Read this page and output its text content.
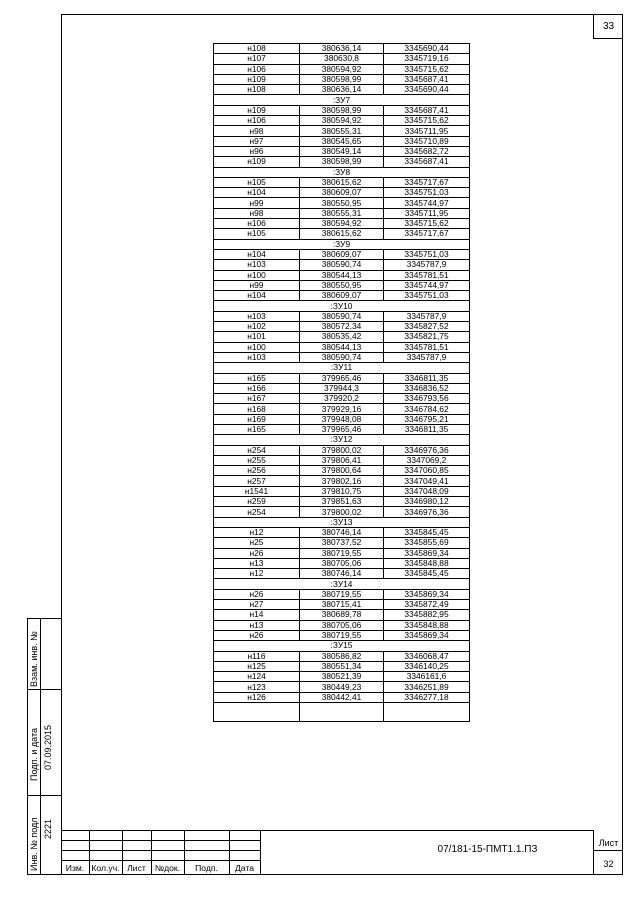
33
н108	380636,14	3345690,44
н107	380630,8	3345719,16
н106	380594,92	3345715,62
н109	380598,99	3345687,41
н108	380636,14	3345690,44
:ЗУ7		
н109	380598,99	3345687,41
н106	380594,92	3345715,62
н98	380555,31	3345711,95
н97	380545,65	3345710,89
н96	380549,14	3345682,72
н109	380598,99	3345687,41
:ЗУ8		
н105	380615,62	3345717,67
н104	380609,07	3345751,03
н99	380550,95	3345744,97
н98	380555,31	3345711,95
н106	380594,92	3345715,62
н105	380615,62	3345717,67
:ЗУ9		
н104	380609,07	3345751,03
н103	380590,74	3345787,9
н100	380544,13	3345781,51
н99	380550,95	3345744,97
н104	380609,07	3345751,03
:ЗУ10		
н103	380590,74	3345787,9
н102	380572,34	3345827,52
н101	380535,42	3345821,75
н100	380544,13	3345781,51
н103	380590,74	3345787,9
:ЗУ11		
н165	379965,46	3346811,35
н166	379944,3	3346836,52
н167	379920,2	3346793,56
н168	379929,16	3346784,62
н169	379948,08	3346795,21
н165	379965,46	3346811,35
:ЗУ12		
н254	379800,02	3346976,36
н255	379806,41	3347069,2
н256	379800,64	3347060,85
н257	379802,16	3347049,41
н1541	379810,75	3347048,09
н259	379851,63	3346980,12
н254	379800,02	3346976,36
:ЗУ13		
н12	380746,14	3345845,45
н25	380737,52	3345855,69
н26	380719,55	3345869,34
н13	380705,06	3345848,88
н12	380746,14	3345845,45
:ЗУ14		
н26	380719,55	3345869,34
н27	380715,41	3345872,49
н14	380689,78	3345882,95
н13	380705,06	3345848,88
н26	380719,55	3345869,34
:ЗУ15		
н116	380586,82	3346068,47
н125	380551,34	3346140,25
н124	380521,39	3346161,6
н123	380449,23	3346251,89
н126	380442,41	3346277,18

Взам. инв. №
Подп. и дата 07.09.2015
Инв. № подл 2221
Изм. Кол.уч. Лист	№док.	Подп.	Дата
07/181-15-ПМТ1.1.ПЗ
Лист
32
